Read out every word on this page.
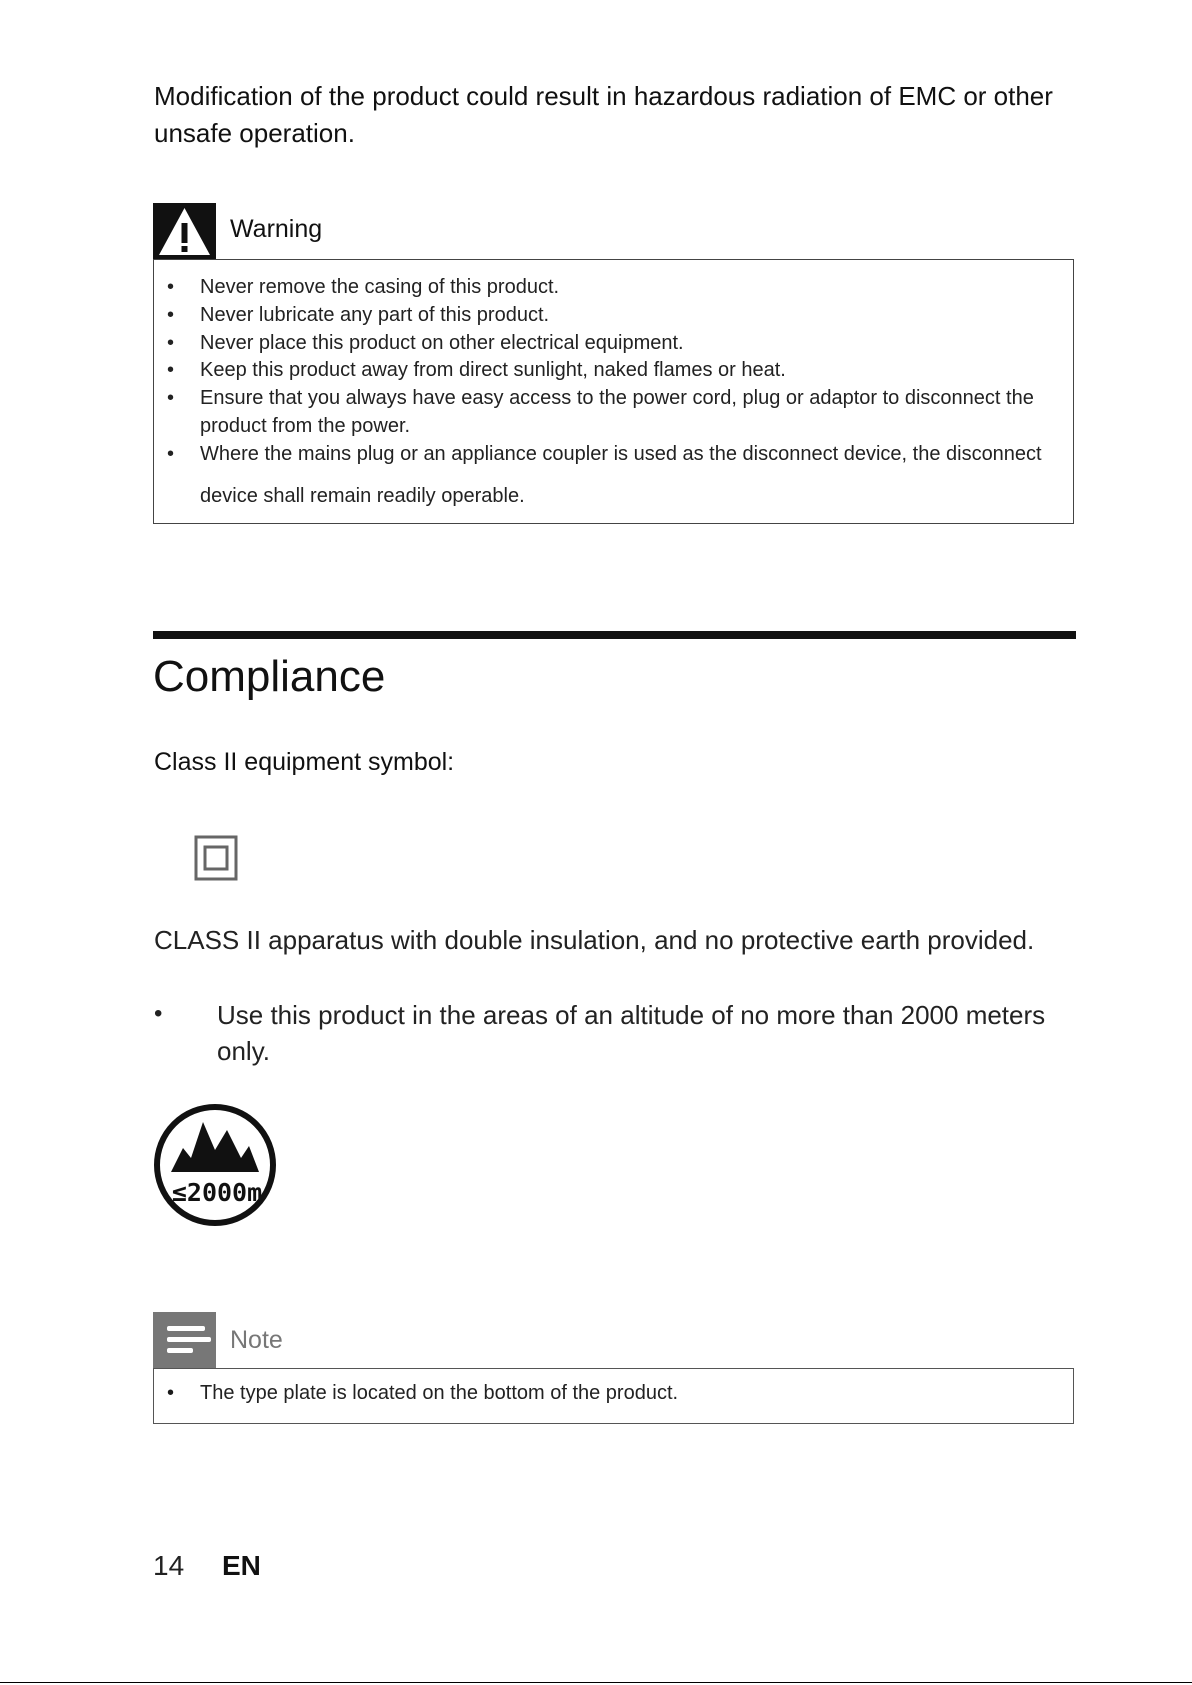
Modification of the product could result in hazardous radiation of EMC or other unsafe operation.
Warning
• Never remove the casing of this product.
• Never lubricate any part of this product.
• Never place this product on other electrical equipment.
• Keep this product away from direct sunlight, naked flames or heat.
• Ensure that you always have easy access to the power cord, plug or adaptor to disconnect the product from the power.
• Where the mains plug or an appliance coupler is used as the disconnect device, the disconnect
device shall remain readily operable.
Compliance
Class II equipment symbol:
CLASS II apparatus with double insulation, and no protective earth provided.
• Use this product in the areas of an altitude of no more than 2000 meters only.
≤2000m
Note
• The type plate is located on the bottom of the product.
14 EN
